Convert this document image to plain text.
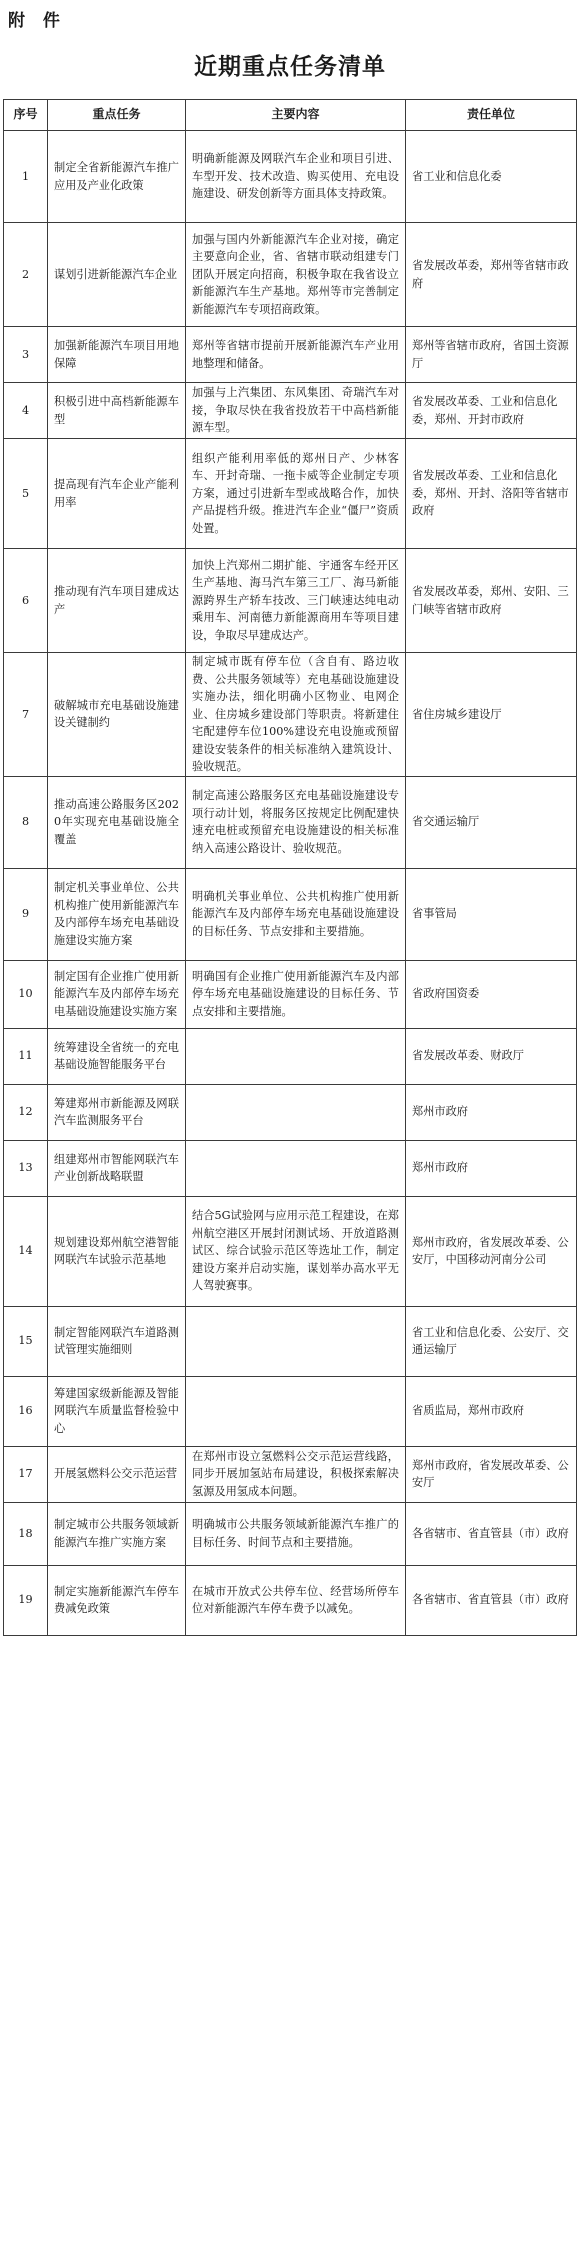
附 件
近期重点任务清单
序号	重点任务	主要内容	责任单位
1	制定全省新能源汽车推广应用及产业化政策	明确新能源及网联汽车企业和项目引进、车型开发、技术改造、购买使用、充电设施建设、研发创新等方面具体支持政策。	省工业和信息化委
2	谋划引进新能源汽车企业	加强与国内外新能源汽车企业对接，确定主要意向企业，省、省辖市联动组建专门团队开展定向招商，积极争取在我省设立新能源汽车生产基地。郑州等市完善制定新能源汽车专项招商政策。	省发展改革委，郑州等省辖市政府
3	加强新能源汽车项目用地保障	郑州等省辖市提前开展新能源汽车产业用地整理和储备。	郑州等省辖市政府，省国土资源厅
4	积极引进中高档新能源车型	加强与上汽集团、东风集团、奇瑞汽车对接，争取尽快在我省投放若干中高档新能源车型。	省发展改革委、工业和信息化委，郑州、开封市政府
5	提高现有汽车企业产能利用率	组织产能利用率低的郑州日产、少林客车、开封奇瑞、一拖卡威等企业制定专项方案，通过引进新车型或战略合作，加快产品提档升级。推进汽车企业“僵尸”资质处置。	省发展改革委、工业和信息化委，郑州、开封、洛阳等省辖市政府
6	推动现有汽车项目建成达产	加快上汽郑州二期扩能、宇通客车经开区生产基地、海马汽车第三工厂、海马新能源跨界生产轿车技改、三门峡速达纯电动乘用车、河南德力新能源商用车等项目建设，争取尽早建成达产。	省发展改革委，郑州、安阳、三门峡等省辖市政府
7	破解城市充电基础设施建设关键制约	制定城市既有停车位（含自有、路边收费、公共服务领域等）充电基础设施建设实施办法，细化明确小区物业、电网企业、住房城乡建设部门等职责。将新建住宅配建停车位100%建设充电设施或预留建设安装条件的相关标准纳入建筑设计、验收规范。	省住房城乡建设厅
8	推动高速公路服务区2020年实现充电基础设施全覆盖	制定高速公路服务区充电基础设施建设专项行动计划，将服务区按规定比例配建快速充电桩或预留充电设施建设的相关标准纳入高速公路设计、验收规范。	省交通运输厅
9	制定机关事业单位、公共机构推广使用新能源汽车及内部停车场充电基础设施建设实施方案	明确机关事业单位、公共机构推广使用新能源汽车及内部停车场充电基础设施建设的目标任务、节点安排和主要措施。	省事管局
10	制定国有企业推广使用新能源汽车及内部停车场充电基础设施建设实施方案	明确国有企业推广使用新能源汽车及内部停车场充电基础设施建设的目标任务、节点安排和主要措施。	省政府国资委
11	统筹建设全省统一的充电基础设施智能服务平台		省发展改革委、财政厅
12	筹建郑州市新能源及网联汽车监测服务平台		郑州市政府
13	组建郑州市智能网联汽车产业创新战略联盟		郑州市政府
14	规划建设郑州航空港智能网联汽车试验示范基地	结合5G试验网与应用示范工程建设，在郑州航空港区开展封闭测试场、开放道路测试区、综合试验示范区等选址工作，制定建设方案并启动实施，谋划举办高水平无人驾驶赛事。	郑州市政府，省发展改革委、公安厅，中国移动河南分公司
15	制定智能网联汽车道路测试管理实施细则		省工业和信息化委、公安厅、交通运输厅
16	筹建国家级新能源及智能网联汽车质量监督检验中心		省质监局，郑州市政府
17	开展氢燃料公交示范运营	在郑州市设立氢燃料公交示范运营线路，同步开展加氢站布局建设，积极探索解决氢源及用氢成本问题。	郑州市政府，省发展改革委、公安厅
18	制定城市公共服务领域新能源汽车推广实施方案	明确城市公共服务领域新能源汽车推广的目标任务、时间节点和主要措施。	各省辖市、省直管县（市）政府
19	制定实施新能源汽车停车费减免政策	在城市开放式公共停车位、经营场所停车位对新能源汽车停车费予以减免。	各省辖市、省直管县（市）政府
